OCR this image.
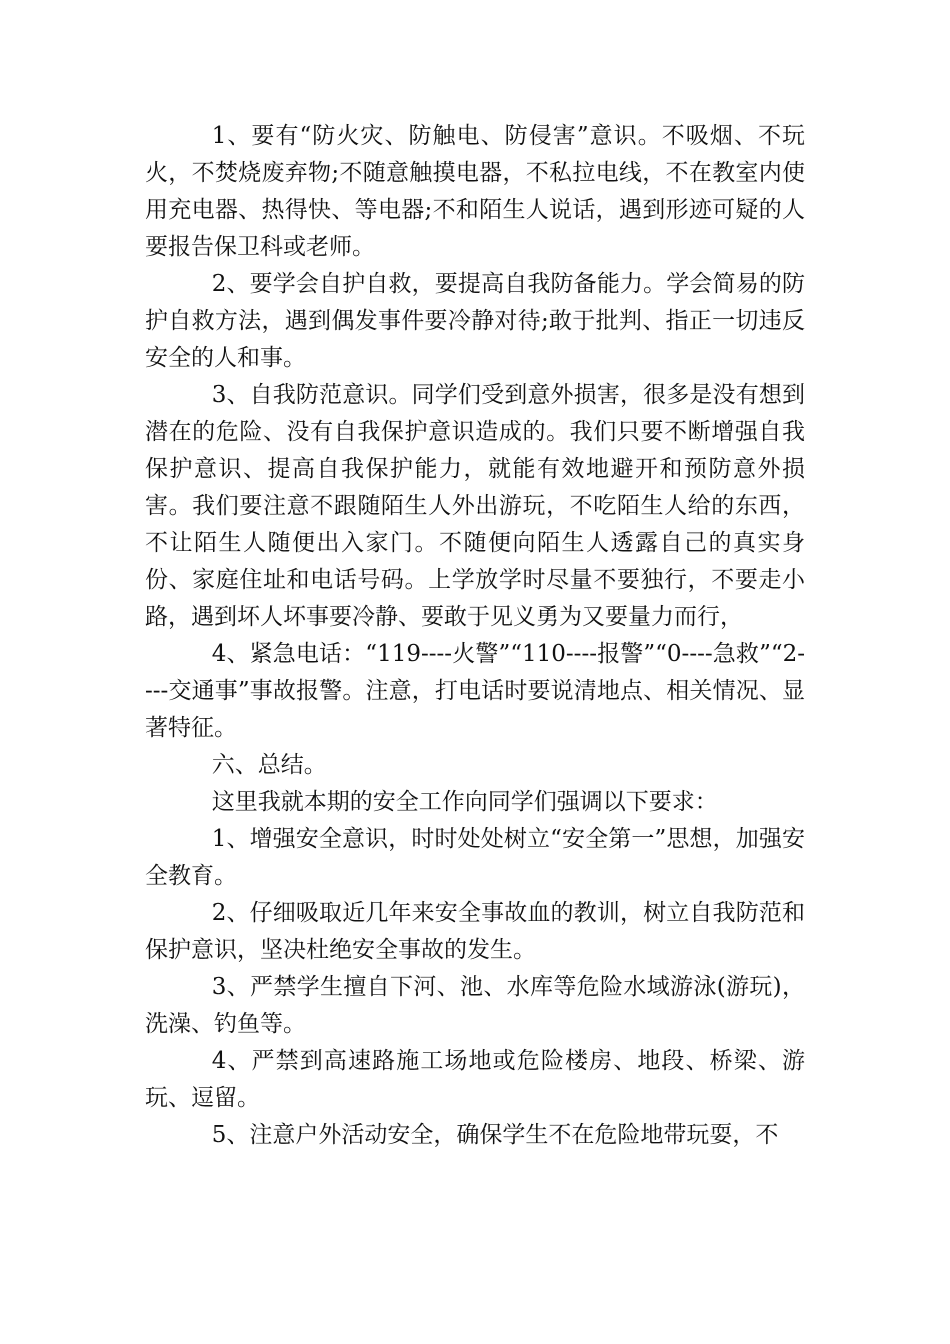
1、要有“防火灾、防触电、防侵害”意识。不吸烟、不玩火，不焚烧废弃物;不随意触摸电器，不私拉电线，不在教室内使用充电器、热得快、等电器;不和陌生人说话，遇到形迹可疑的人要报告保卫科或老师。

2、要学会自护自救，要提高自我防备能力。学会简易的防护自救方法，遇到偶发事件要冷静对待;敢于批判、指正一切违反安全的人和事。

3、自我防范意识。同学们受到意外损害，很多是没有想到潜在的危险、没有自我保护意识造成的。我们只要不断增强自我保护意识、提高自我保护能力，就能有效地避开和预防意外损害。我们要注意不跟随陌生人外出游玩，不吃陌生人给的东西，不让陌生人随便出入家门。不随便向陌生人透露自己的真实身份、家庭住址和电话号码。上学放学时尽量不要独行，不要走小路，遇到坏人坏事要冷静、要敢于见义勇为又要量力而行，

4、紧急电话：“119----火警”“110----报警”“0----急救”“2----交通事”事故报警。注意，打电话时要说清地点、相关情况、显著特征。

六、总结。

这里我就本期的安全工作向同学们强调以下要求：

1、增强安全意识，时时处处树立“安全第一”思想，加强安全教育。

2、仔细吸取近几年来安全事故血的教训，树立自我防范和保护意识，坚决杜绝安全事故的发生。

3、严禁学生擅自下河、池、水库等危险水域游泳(游玩)，洗澡、钓鱼等。

4、严禁到高速路施工场地或危险楼房、地段、桥梁、游玩、逗留。

5、注意户外活动安全，确保学生不在危险地带玩耍，不
